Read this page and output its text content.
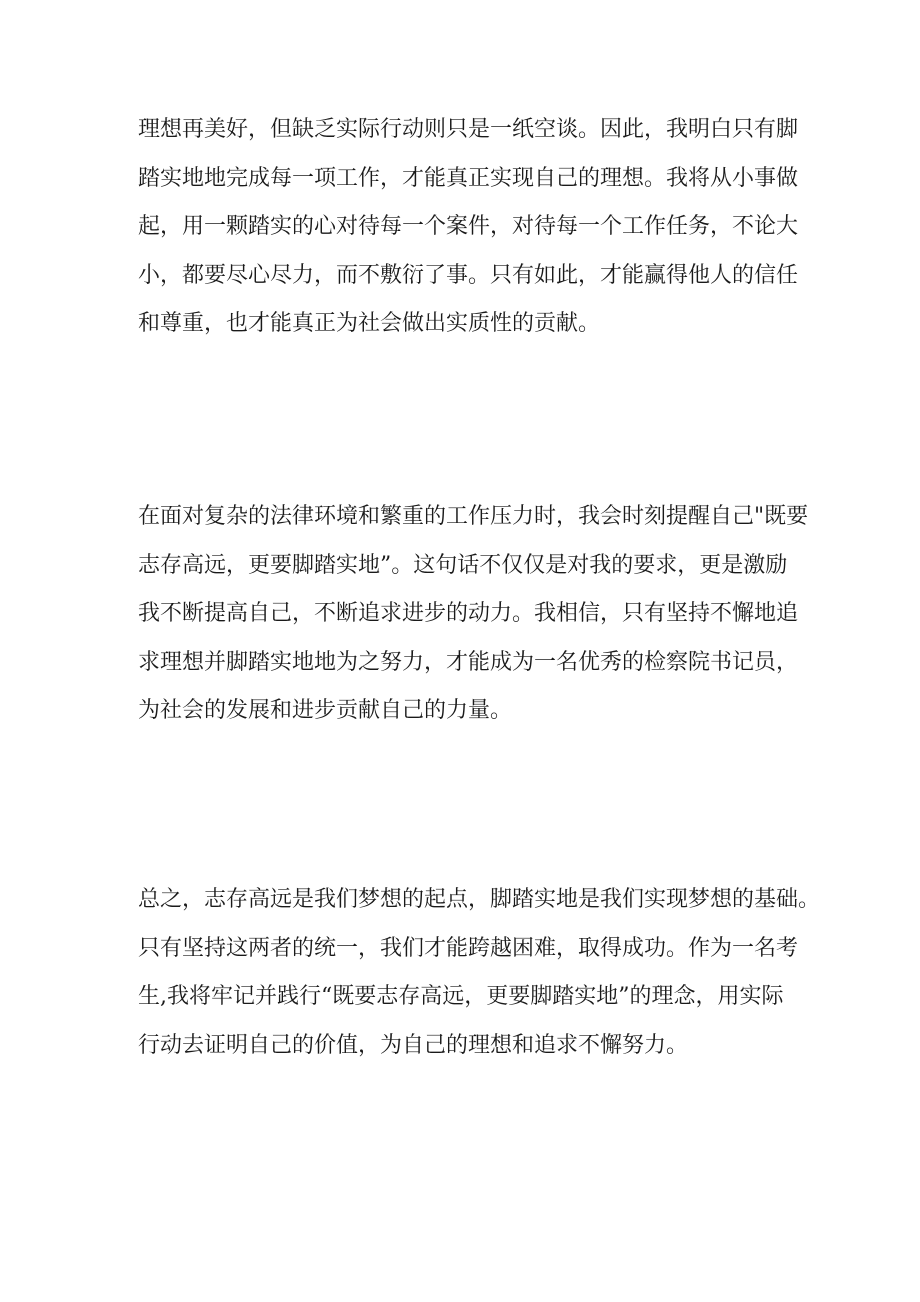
理想再美好，但缺乏实际行动则只是一纸空谈。因此，我明白只有脚
踏实地地完成每一项工作，才能真正实现自己的理想。我将从小事做
起，用一颗踏实的心对待每一个案件，对待每一个工作任务，不论大
小，都要尽心尽力，而不敷衍了事。只有如此，才能赢得他人的信任
和尊重，也才能真正为社会做出实质性的贡献。

在面对复杂的法律环境和繁重的工作压力时，我会时刻提醒自己"既要
志存高远，更要脚踏实地”。这句话不仅仅是对我的要求，更是激励
我不断提高自己，不断追求进步的动力。我相信，只有坚持不懈地追
求理想并脚踏实地地为之努力，才能成为一名优秀的检察院书记员，
为社会的发展和进步贡献自己的力量。

总之，志存高远是我们梦想的起点，脚踏实地是我们实现梦想的基础。
只有坚持这两者的统一，我们才能跨越困难，取得成功。作为一名考
生,我将牢记并践行“既要志存高远，更要脚踏实地”的理念，用实际
行动去证明自己的价值，为自己的理想和追求不懈努力。
